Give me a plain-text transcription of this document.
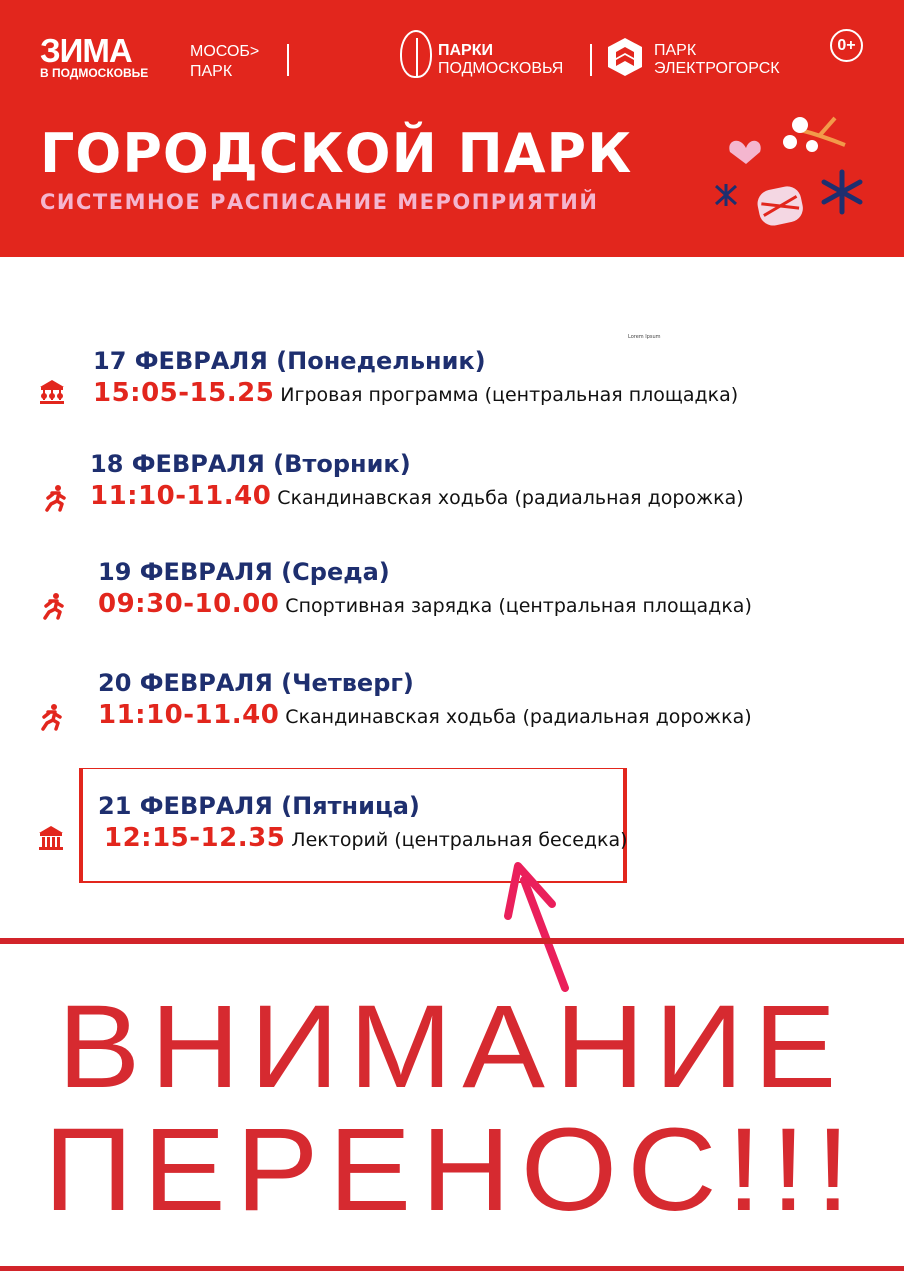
ЗИМА
В ПОДМОСКОВЬЕ
МОСОБ>
ПАРК
ПАРКИ
ПОДМОСКОВЬЯ
ПАРК
ЭЛЕКТРОГОРСК
0+
ГОРОДСКОЙ ПАРК
СИСТЕМНОЕ РАСПИСАНИЕ МЕРОПРИЯТИЙ
Lorem Ipsum
17 ФЕВРАЛЯ (Понедельник)
15:05-15.25 Игровая программа (центральная площадка)
18 ФЕВРАЛЯ (Вторник)
11:10-11.40 Скандинавская ходьба (радиальная дорожка)
19 ФЕВРАЛЯ (Среда)
09:30-10.00 Спортивная зарядка (центральная площадка)
20 ФЕВРАЛЯ (Четверг)
11:10-11.40 Скандинавская ходьба (радиальная дорожка)
21 ФЕВРАЛЯ (Пятница)
12:15-12.35 Лекторий (центральная беседка)
ВНИМАНИЕ
ПЕРЕНОС!!!
